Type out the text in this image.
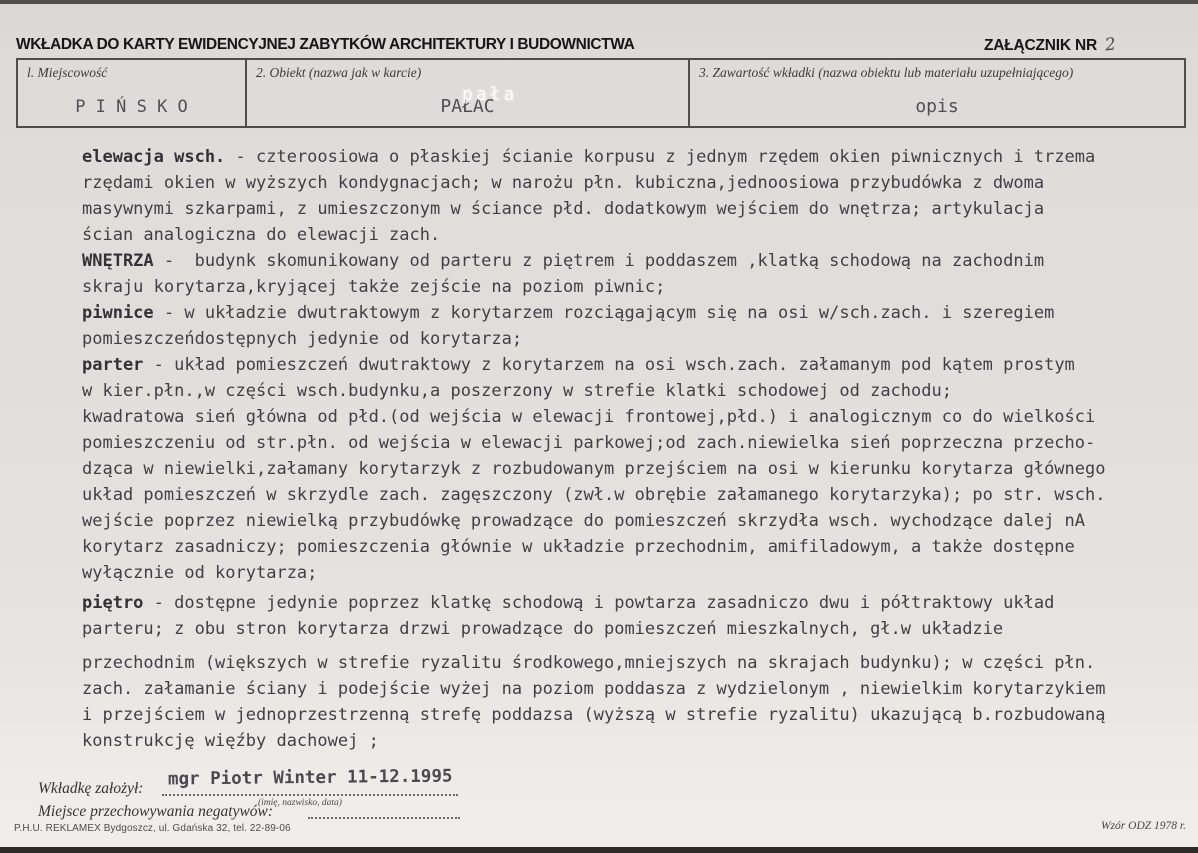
WKŁADKA DO KARTY EWIDENCYJNEJ ZABYTKÓW ARCHITEKTURY I BUDOWNICTWA	ZAŁĄCZNIK NR 2
l. Miejscowość
P I Ń S K O
2. Obiekt (nazwa jak w karcie)
PAŁAC
pała
3. Zawartość wkładki (nazwa obiektu lub materiału uzupełniającego)
opis
elewacja wsch. - czteroosiowa o płaskiej ścianie korpusu z jednym rzędem okien piwnicznych i trzema
rzędami okien w wyższych kondygnacjach; w narożu płn. kubiczna,jednoosiowa przybudówka z dwoma
masywnymi szkarpami, z umieszczonym w ściance płd. dodatkowym wejściem do wnętrza; artykulacja
ścian analogiczna do elewacji zach.
WNĘTRZA -  budynk skomunikowany od parteru z piętrem i poddaszem ,klatką schodową na zachodnim
skraju korytarza,kryjącej także zejście na poziom piwnic;
piwnice - w układzie dwutraktowym z korytarzem rozciągającym się na osi w/sch.zach. i szeregiem
pomieszczeńdostępnych jedynie od korytarza;
parter - układ pomieszczeń dwutraktowy z korytarzem na osi wsch.zach. załamanym pod kątem prostym
w kier.płn.,w części wsch.budynku,a poszerzony w strefie klatki schodowej od zachodu;
kwadratowa sień główna od płd.(od wejścia w elewacji frontowej,płd.) i analogicznym co do wielkości
pomieszczeniu od str.płn. od wejścia w elewacji parkowej;od zach.niewielka sień poprzeczna przecho-
dząca w niewielki,załamany korytarzyk z rozbudowanym przejściem na osi w kierunku korytarza głównego
układ pomieszczeń w skrzydle zach. zagęszczony (zwł.w obrębie załamanego korytarzyka); po str. wsch.
wejście poprzez niewielką przybudówkę prowadzące do pomieszczeń skrzydła wsch. wychodzące dalej nA
korytarz zasadniczy; pomieszczenia głównie w układzie przechodnim, amifiladowym, a także dostępne
wyłącznie od korytarza;
piętro - dostępne jedynie poprzez klatkę schodową i powtarza zasadniczo dwu i półtraktowy układ
parteru; z obu stron korytarza drzwi prowadzące do pomieszczeń mieszkalnych, gł.w układzie
przechodnim (większych w strefie ryzalitu środkowego,mniejszych na skrajach budynku); w części płn.
zach. załamanie ściany i podejście wyżej na poziom poddasza z wydzielonym , niewielkim korytarzykiem
i przejściem w jednoprzestrzenną strefę poddazsa (wyższą w strefie ryzalitu) ukazującą b.rozbudowaną
konstrukcję więźby dachowej ;
Wkładkę założył: mgr Piotr Winter 11-12.1995
(imię, nazwisko, data)
Miejsce przechowywania negatywów:
P.H.U. REKLAMEX Bydgoszcz, ul. Gdańska 32, tel. 22-89-06	Wzór ODZ 1978 r.
